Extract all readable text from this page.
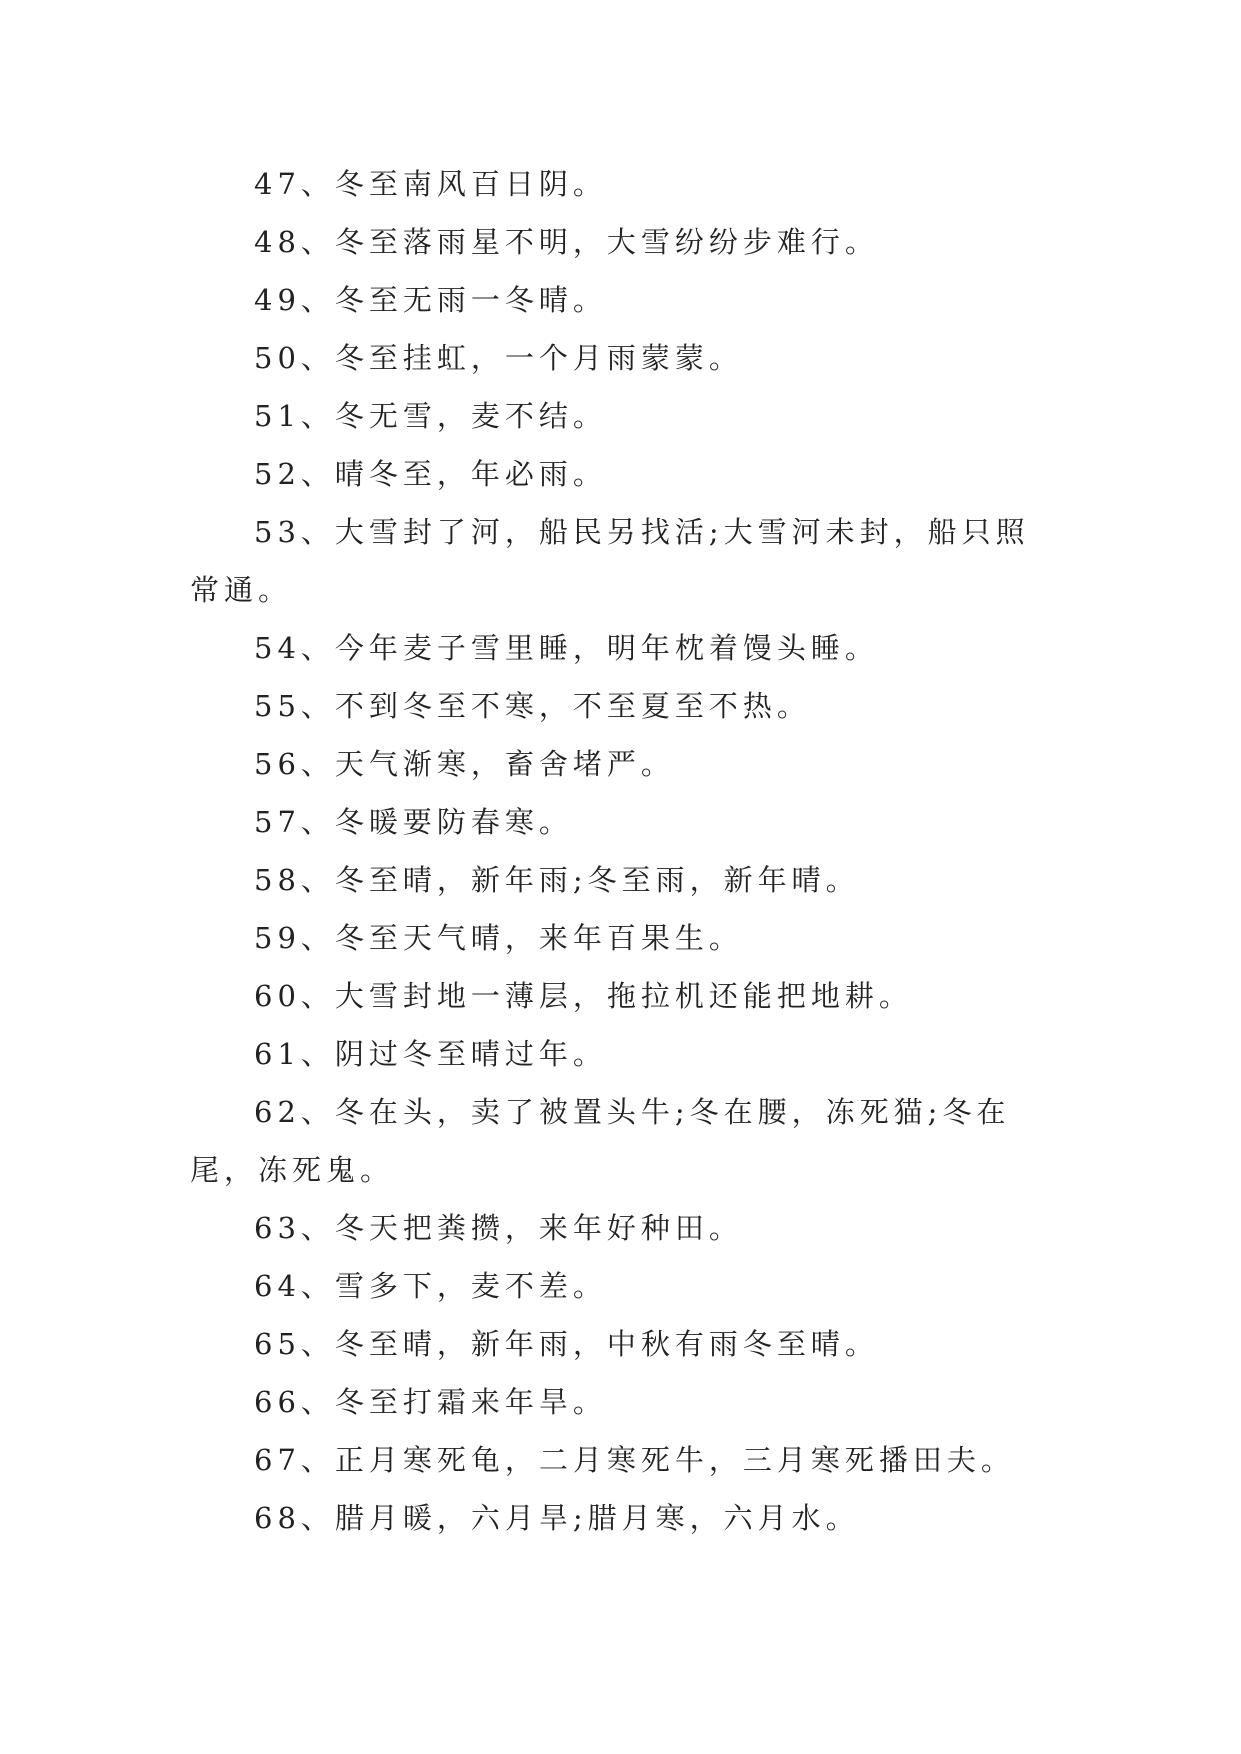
47、冬至南风百日阴。

48、冬至落雨星不明，大雪纷纷步难行。

49、冬至无雨一冬晴。

50、冬至挂虹，一个月雨蒙蒙。

51、冬无雪，麦不结。

52、晴冬至，年必雨。

53、大雪封了河，船民另找活;大雪河未封，船只照常通。

54、今年麦子雪里睡，明年枕着馒头睡。

55、不到冬至不寒，不至夏至不热。

56、天气渐寒，畜舍堵严。

57、冬暖要防春寒。

58、冬至晴，新年雨;冬至雨，新年晴。

59、冬至天气晴，来年百果生。

60、大雪封地一薄层，拖拉机还能把地耕。

61、阴过冬至晴过年。

62、冬在头，卖了被置头牛;冬在腰，冻死猫;冬在尾，冻死鬼。

63、冬天把粪攒，来年好种田。

64、雪多下，麦不差。

65、冬至晴，新年雨，中秋有雨冬至晴。

66、冬至打霜来年旱。

67、正月寒死龟，二月寒死牛，三月寒死播田夫。

68、腊月暖，六月旱;腊月寒，六月水。
